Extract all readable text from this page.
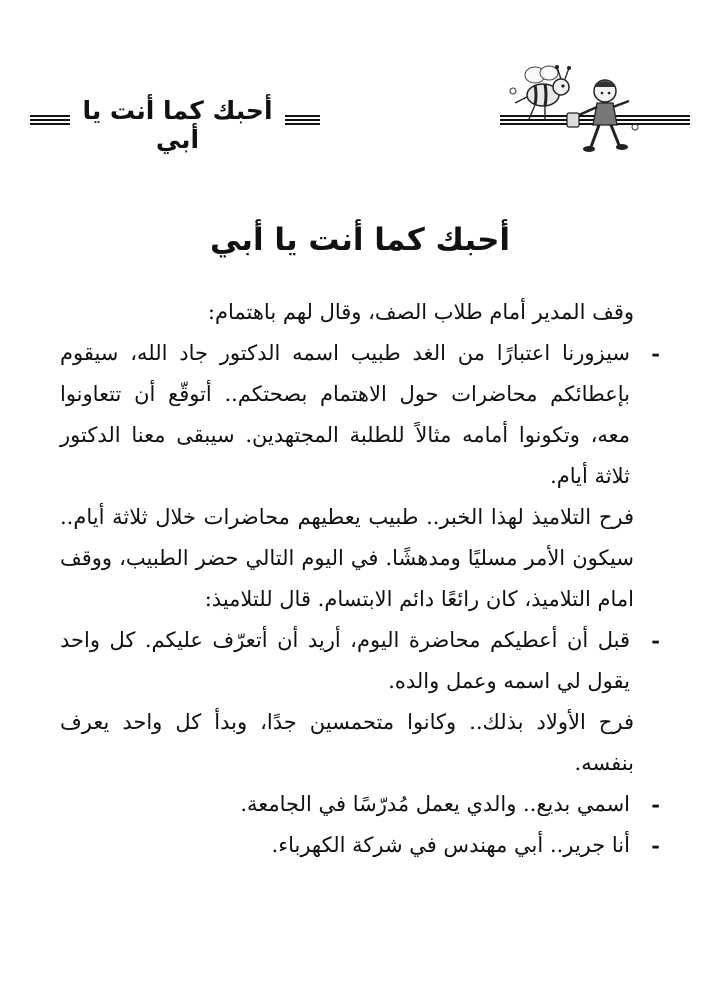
أحبك كما أنت يا أبي
أحبك كما أنت يا أبي

وقف المدير أمام طلاب الصف، وقال لهم باهتمام:

-
سيزورنا اعتبارًا من الغد طبيب اسمه الدكتور جاد الله، سيقوم بإعطائكم محاضرات حول الاهتمام بصحتكم.. أتوقّع أن تتعاونوا معه، وتكونوا أمامه مثالاً للطلبة المجتهدين. سيبقى معنا الدكتور ثلاثة أيام.

فرح التلاميذ لهذا الخبر.. طبيب يعطيهم محاضرات خلال ثلاثة أيام.. سيكون الأمر مسليًا ومدهشًا. في اليوم التالي حضر الطبيب، ووقف امام التلاميذ، كان رائعًا دائم الابتسام. قال للتلاميذ:

-
قبل أن أعطيكم محاضرة اليوم، أريد أن أتعرّف عليكم. كل واحد يقول لي اسمه وعمل والده.

فرح الأولاد بذلك.. وكانوا متحمسين جدًا، وبدأ كل واحد يعرف بنفسه.

-
اسمي بديع.. والدي يعمل مُدرّسًا في الجامعة.

-
أنا جرير.. أبي مهندس في شركة الكهرباء.
